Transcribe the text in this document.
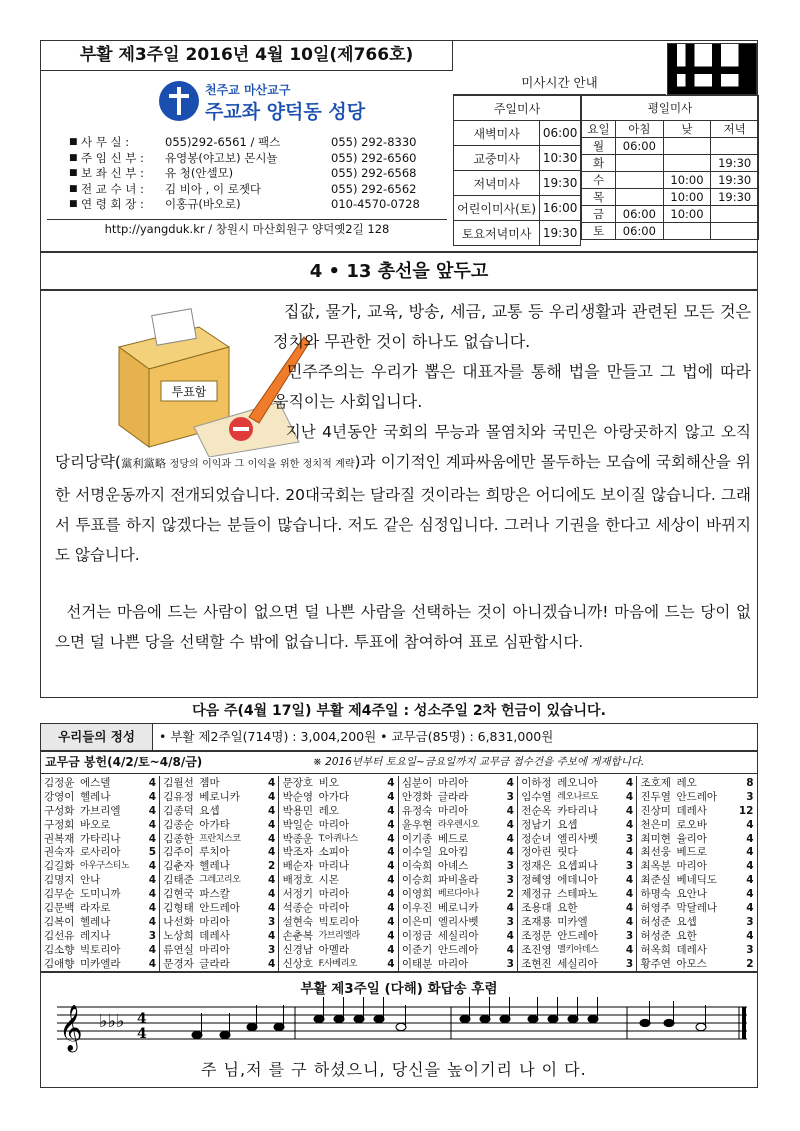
부활 제3주일 2016년 4월 10일(제766호)
천주교 마산교구
주교좌 양덕동 성당
■ 사 무 실 :	055)292-6561 / 팩스	055) 292-8330
■ 주 임 신 부 :	유영봉(야고보) 몬시뇰	055) 292-6560
■ 보 좌 신 부 :	유 청(안셀모)	055) 292-6568
■ 전 교 수 녀 :	김 비아 , 이 로젯다	055) 292-6562
■ 연 령 회 장 :	이홍규(바오로)	010-4570-0728
http://yangduk.kr / 창원시 마산회원구 양덕옛2길 128
미사시간 안내
주일미사	
새벽미사	06:00
교중미사	10:30
저녁미사	19:30
어린이미사(토)	16:00
토요저녁미사	19:30
평일미사			
요일	아침	낮	저녁
월	06:00		
화			19:30
수		10:00	19:30
목		10:00	19:30
금	06:00	10:00	
토	06:00		
4 • 13 총선을 앞두고
투표함
집값, 물가, 교육, 방송, 세금, 교통 등 우리생활과 관련된 모든 것은 정치와 무관한 것이 하나도 없습니다.
민주주의는 우리가 뽑은 대표자를 통해 법을 만들고 그 법에 따라 움직이는 사회입니다.
지난 4년동안 국회의 무능과 몰염치와 국민은 아랑곳하지 않고 오직 당리당략(黨利黨略 정당의 이익과 그 이익을 위한 정치적 계략)과 이기적인 계파싸움에만 몰두하는 모습에 국회해산을 위한 서명운동까지 전개되었습니다. 20대국회는 달라질 것이라는 희망은 어디에도 보이질 않습니다. 그래서 투표를 하지 않겠다는 분들이 많습니다. 저도 같은 심정입니다. 그러나 기권을 한다고 세상이 바뀌지도 않습니다.
선거는 마음에 드는 사람이 없으면 덜 나쁜 사람을 선택하는 것이 아니겠습니까! 마음에 드는 당이 없으면 덜 나쁜 당을 선택할 수 밖에 없습니다. 투표에 참여하여 표로 심판합시다.
다음 주(4월 17일) 부활 제4주일 : 성소주일 2차 헌금이 있습니다.
우리들의 정성	• 부활 제2주일(714명) : 3,004,200원 • 교무금(85명) : 6,831,000원
교무금 봉헌(4/2/토~4/8/금)	※ 2016년부터 토요일~금요일까지 교무금 접수건을 주보에 게재합니다.
김정윤 에스델	4
강영이 헬레나	4
구성화 가브리엘	4
구정회 바오로	4
권복재 가타리나	4
권숙자 로사리아	5
김길화 아우구스티노	4
김명지 안나	4
김무순 도미니까	4
김문백 라자로	4
김복이 헬레나	4
김선유 레지나	3
김소향 빅토리아	4
김애향 미카엘라	4
김월선 젬마	4
김유정 베로니카	4
김종덕 요셉	4
김종순 아가타	4
김종한 프란치스코	4
김주이 루치아	4
김춘자 헬레나	2
김태준 그레고리오	4
김현국 파스칼	4
김형태 안드레아	4
나선화 마리아	3
노상희 데레사	4
류연실 마리아	3
문경자 글라라	4
문장호 비오	4
박순영 아가다	4
박용민 레오	4
박일순 마리아	4
박종운 T.아퀴나스	4
박조자 소피아	4
배순자 마리나	4
배정호 시몬	4
서정기 마리아	4
석종순 마리아	4
설현숙 빅토리아	4
손춘복 가브리엘라	4
신경남 아멜라	4
신상호 F.사베리오	4
심분이 마리아	4
안경화 글라라	3
유정숙 마리아	4
윤우현 라우렌시오	4
이기종 베드로	4
이수일 요아킴	4
이숙희 아녜스	3
이승희 파비올라	3
이영희 베르다아나	2
이우진 베로니카	4
이은미 엘리사벳	3
이정금 세실리아	4
이준기 안드레아	4
이태분 마리아	3
이하정 레오니아	4
임수열 레오나르도	4
전순옥 카타리나	4
정남기 요셉	4
정순녀 엘리사벳	3
정아린 릿다	4
정재은 요셉피나	3
정혜영 에데니아	4
제정규 스테파노	4
조용대 요한	4
조재룡 미카엘	4
조정문 안드레아	3
조진영 멜키아데스	4
조현진 세실리아	3
조호제 레오	8
진두열 안드레아	3
진상미 데레사	12
천은미 로오바	4
최미현 율리아	4
최선웅 베드로	4
최옥분 마리아	4
최준실 베네딕도	4
하명숙 요안나	4
허영주 막달레나	4
허성준 요셉	3
허성준 요한	4
허옥희 데레사	3
황주연 아모스	2
부활 제3주일 (다해) 화답송 후렴
𝄞 ♭♭♭ 4
4
주 님,저 를 구 하셨으니, 당신을 높이기리 나 이 다.
